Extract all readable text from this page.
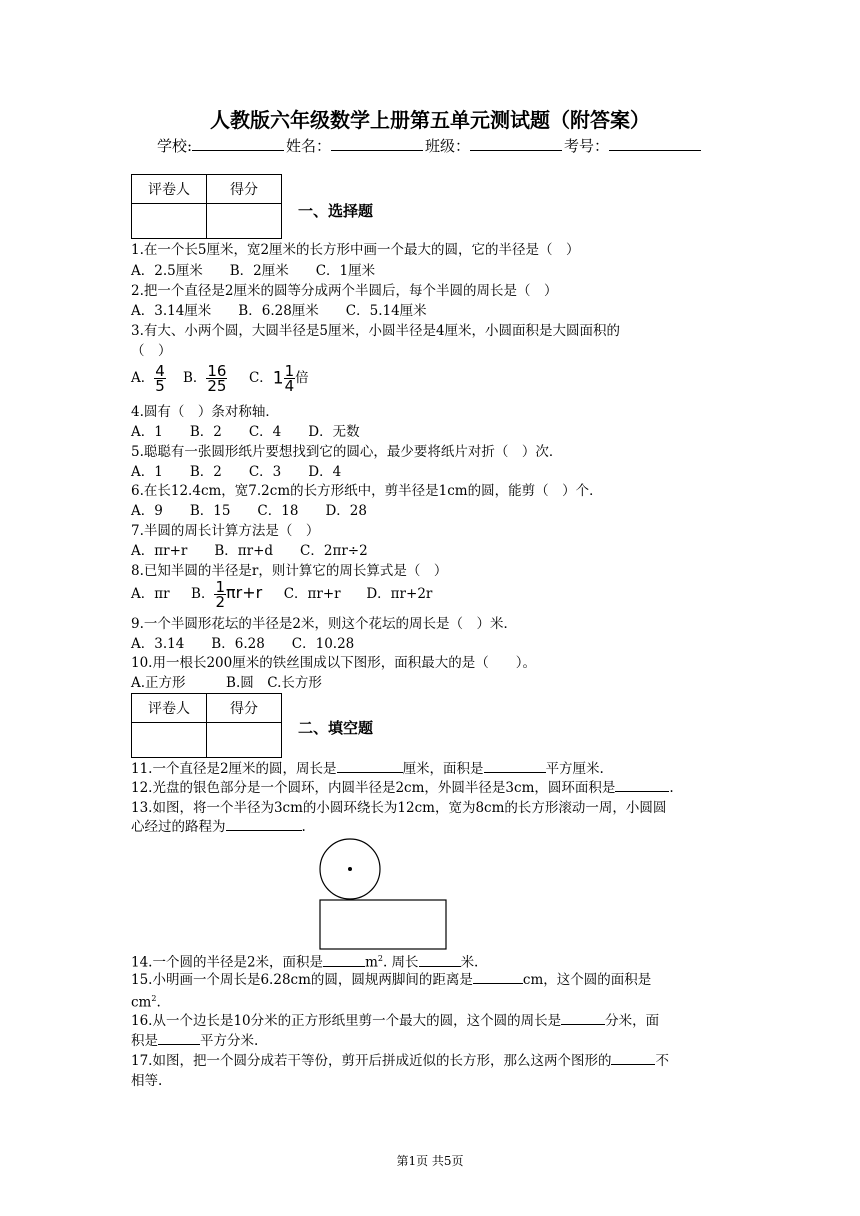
人教版六年级数学上册第五单元测试题（附答案）
学校:	姓名：	班级：	考号：
评卷人	得分

一、选择题
1.在一个长5厘米，宽2厘米的长方形中画一个最大的圆，它的半径是（　）
A．2.5厘米　　B．2厘米　　C．1厘米
2.把一个直径是2厘米的圆等分成两个半圆后，每个半圆的周长是（　）
A．3.14厘米　　B．6.28厘米　　C．5.14厘米
3.有大、小两个圆，大圆半径是5厘米，小圆半径是4厘米，小圆面积是大圆面积的
（　）
A． $\frac{4}{5}$ B． $\frac{16}{25}$ C．$1 \frac{1}{4}$ 倍
4.圆有（　）条对称轴．
A．1　　B．2　　C．4　　D．无数
5.聪聪有一张圆形纸片要想找到它的圆心，最少要将纸片对折（　）次．
A．1　　B．2　　C．3　　D．4
6.在长12.4cm，宽7.2cm的长方形纸中，剪半径是1cm的圆，能剪（　）个．
A．9　　B．15　　C．18　　D．28
7.半圆的周长计算方法是（　）
A．πr+r　　B．πr+d　　C．2πr÷2
8.已知半圆的半径是r，则计算它的周长算式是（　）
A．πr B． $\frac{1}{2} \pi r+r$ C．πr+r D．πr+2r
9.一个半圆形花坛的半径是2米，则这个花坛的周长是（　）米．
A．3.14　　B．6.28　　C．10.28
10.用一根长200厘米的铁丝围成以下图形，面积最大的是（　　）。
A.正方形　　　B.圆　C.长方形
评卷人	得分

二、填空题
11.一个直径是2厘米的圆，周长是	厘米，面积是	平方厘米.
12.光盘的银色部分是一个圆环，内圆半径是2cm，外圆半径是3cm，圆环面积是	.
13.如图，将一个半径为3cm的小圆环绕长为12cm，宽为8cm的长方形滚动一周，小圆圆
心经过的路程为	.
14.一个圆的半径是2米，面积是	$m^2$. 周长	米.
15.小明画一个周长是6.28cm的圆，圆规两脚间的距离是	cm，这个圆的面积是
$cm^2$.
16.从一个边长是10分米的正方形纸里剪一个最大的圆，这个圆的周长是	分米，面
积是	平方分米.
17.如图，把一个圆分成若干等份，剪开后拼成近似的长方形，那么这两个图形的	不
相等.
第1页 共5页
